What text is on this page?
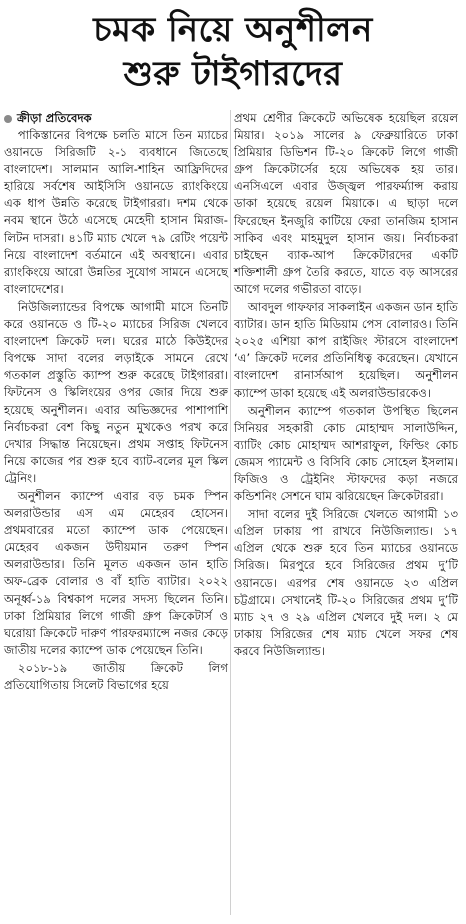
চমক নিয়ে অনুশীলন
শুরু টাইগারদের
ক্রীড়া প্রতিবেদক

পাকিস্তানের বিপক্ষে চলতি মাসে তিন ম্যাচের ওয়ানডে সিরিজটি ২-১ ব্যবধানে জিতেছে বাংলাদেশ। সালমান আলি-শাহিন আফ্রিদিদের হারিয়ে সর্বশেষ আইসিসি ওয়ানডে র‍্যাংকিংয়ে এক ধাপ উন্নতি করেছে টাইগাররা। দশম থেকে নবম স্থানে উঠে এসেছে মেহেদী হাসান মিরাজ-লিটন দাসরা। ৪১টি ম্যাচ খেলে ৭৯ রেটিং পয়েন্ট নিয়ে বাংলাদেশ বর্তমানে এই অবস্থানে। এবার র‍্যাংকিংয়ে আরো উন্নতির সুযোগ সামনে এসেছে বাংলাদেশের।

নিউজিল্যান্ডের বিপক্ষে আগামী মাসে তিনটি করে ওয়ানডে ও টি-২০ ম্যাচের সিরিজ খেলবে বাংলাদেশ ক্রিকেট দল। ঘরের মাঠে কিউইদের বিপক্ষে সাদা বলের লড়াইকে সামনে রেখে গতকাল প্রস্তুতি ক্যাম্প শুরু করেছে টাইগাররা। ফিটনেস ও স্কিলিংয়ের ওপর জোর দিয়ে শুরু হয়েছে অনুশীলন। এবার অভিজ্ঞদের পাশাপাশি নির্বাচকরা বেশ কিছু নতুন মুখকেও পরখ করে দেখার সিদ্ধান্ত নিয়েছেন। প্রথম সপ্তাহ ফিটনেস নিয়ে কাজের পর শুরু হবে ব্যাট-বলের মূল স্কিল ট্রেনিং।

অনুশীলন ক্যাম্পে এবার বড় চমক স্পিন অলরাউন্ডার এস এম মেহেরব হোসেন। প্রথমবারের মতো ক্যাম্পে ডাক পেয়েছেন। মেহেরব একজন উদীয়মান তরুণ স্পিন অলরাউন্ডার। তিনি মূলত একজন ডান হাতি অফ-ব্রেক বোলার ও বাঁ হাতি ব্যাটার। ২০২২ অনূর্ধ্ব-১৯ বিশ্বকাপ দলের সদস্য ছিলেন তিনি। ঢাকা প্রিমিয়ার লিগে গাজী গ্রুপ ক্রিকেটার্স ও ঘরোয়া ক্রিকেটে দারুণ পারফরম্যান্সে নজর কেড়ে জাতীয় দলের ক্যাম্পে ডাক পেয়েছেন তিনি।

২০১৮-১৯ জাতীয় ক্রিকেট লিগ প্রতিযোগিতায় সিলেট বিভাগের হয়ে

প্রথম শ্রেণীর ক্রিকেটে অভিষেক হয়েছিল রয়েল মিয়ার। ২০১৯ সালের ৯ ফেব্রুয়ারিতে ঢাকা প্রিমিয়ার ডিভিশন টি-২০ ক্রিকেট লিগে গাজী গ্রুপ ক্রিকেটার্সের হয়ে অভিষেক হয় তার। এনসিএলে এবার উজ্জ্বল পারফর্ম্যান্স করায় ডাকা হয়েছে রয়েল মিয়াকে। এ ছাড়া দলে ফিরেছেন ইনজুরি কাটিয়ে ফেরা তানজিম হাসান সাকিব এবং মাহমুদুল হাসান জয়। নির্বাচকরা চাইছেন ব্যাক-আপ ক্রিকেটারদের একটি শক্তিশালী গ্রুপ তৈরি করতে, যাতে বড় আসরের আগে দলের গভীরতা বাড়ে।

আবদুল গাফফার সাকলাইন একজন ডান হাতি ব্যাটার। ডান হাতি মিডিয়াম পেস বোলারও। তিনি ২০২৫ এশিয়া কাপ রাইজিং স্টারসে বাংলাদেশ ‘এ’ ক্রিকেট দলের প্রতিনিধিত্ব করেছেন। যেখানে বাংলাদেশ রানার্সআপ হয়েছিল। অনুশীলন ক্যাম্পে ডাকা হয়েছে এই অলরাউন্ডারকেও।

অনুশীলন ক্যাম্পে গতকাল উপস্থিত ছিলেন সিনিয়র সহকারী কোচ মোহাম্মদ সালাউদ্দিন, ব্যাটিং কোচ মোহাম্মদ আশরাফুল, ফিল্ডিং কোচ জেমস প্যামেন্ট ও বিসিবি কোচ সোহেল ইসলাম। ফিজিও ও ট্রেইনিং স্টাফদের কড়া নজরে কন্ডিশনিং সেশনে ঘাম ঝরিয়েছেন ক্রিকেটাররা।

সাদা বলের দুই সিরিজে খেলতে আগামী ১৩ এপ্রিল ঢাকায় পা রাখবে নিউজিল্যান্ড। ১৭ এপ্রিল থেকে শুরু হবে তিন ম্যাচের ওয়ানডে সিরিজ। মিরপুরে হবে সিরিজের প্রথম দু’টি ওয়ানডে। এরপর শেষ ওয়ানডে ২৩ এপ্রিল চট্টগ্রামে। সেখানেই টি-২০ সিরিজের প্রথম দু’টি ম্যাচ ২৭ ও ২৯ এপ্রিল খেলবে দুই দল। ২ মে ঢাকায় সিরিজের শেষ ম্যাচ খেলে সফর শেষ করবে নিউজিল্যান্ড।
